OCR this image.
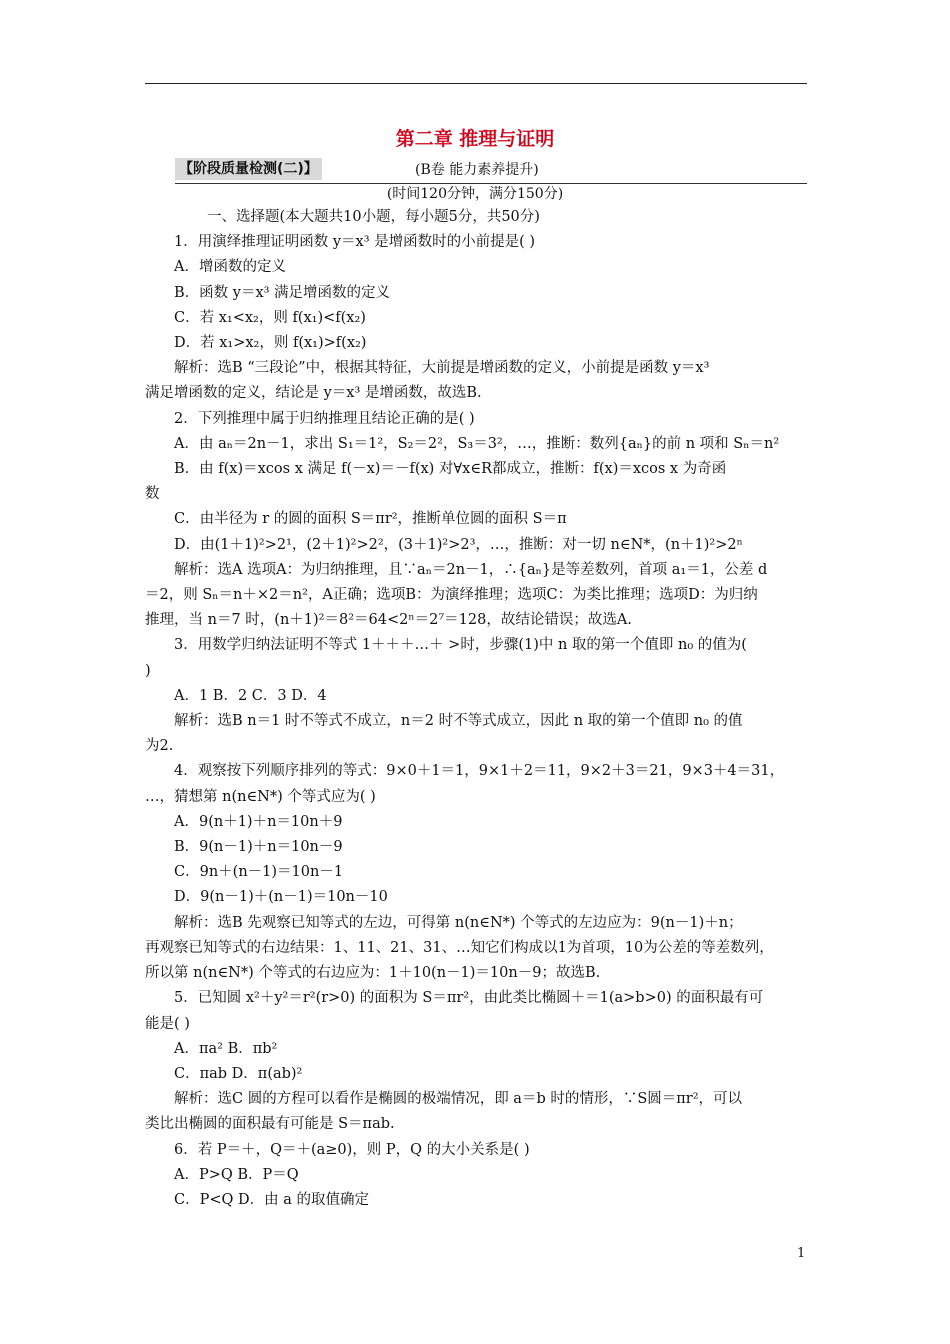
第二章 推理与证明
【阶段质量检测(二)】	(B卷 能力素养提升)
(时间120分钟，满分150分)
一、选择题(本大题共10小题，每小题5分，共50分)
1．用演绎推理证明函数 y＝x³ 是增函数时的小前提是( )
A．增函数的定义
B．函数 y＝x³ 满足增函数的定义
C．若 x₁<x₂，则 f(x₁)<f(x₂)
D．若 x₁>x₂，则 f(x₁)>f(x₂)
解析：选B “三段论”中，根据其特征，大前提是增函数的定义，小前提是函数 y＝x³
满足增函数的定义，结论是 y＝x³ 是增函数，故选B.
2．下列推理中属于归纳推理且结论正确的是( )
A．由 aₙ＝2n－1，求出 S₁＝1²，S₂＝2²，S₃＝3²，…，推断：数列{aₙ}的前 n 项和 Sₙ＝n²
B．由 f(x)＝xcos x 满足 f(－x)＝－f(x) 对∀x∈R都成立，推断：f(x)＝xcos x 为奇函
数
C．由半径为 r 的圆的面积 S＝πr²，推断单位圆的面积 S＝π
D．由(1＋1)²>2¹，(2＋1)²>2²，(3＋1)²>2³，…，推断：对一切 n∈N*，(n＋1)²>2ⁿ
解析：选A 选项A：为归纳推理，且∵aₙ＝2n－1，∴{aₙ}是等差数列，首项 a₁＝1，公差 d
＝2，则 Sₙ＝n＋×2＝n²，A正确；选项B：为演绎推理；选项C：为类比推理；选项D：为归纳
推理，当 n＝7 时，(n＋1)²＝8²＝64<2ⁿ＝2⁷＝128，故结论错误；故选A.
3．用数学归纳法证明不等式 1＋＋＋…＋ >时，步骤(1)中 n 取的第一个值即 n₀ 的值为(
)
A．1 B．2 C．3 D．4
解析：选B n＝1 时不等式不成立，n＝2 时不等式成立，因此 n 取的第一个值即 n₀ 的值
为2.
4．观察按下列顺序排列的等式：9×0＋1＝1，9×1＋2＝11，9×2＋3＝21，9×3＋4＝31，
…，猜想第 n(n∈N*) 个等式应为( )
A．9(n＋1)＋n＝10n＋9
B．9(n－1)＋n＝10n－9
C．9n＋(n－1)＝10n－1
D．9(n－1)＋(n－1)＝10n－10
解析：选B 先观察已知等式的左边，可得第 n(n∈N*) 个等式的左边应为：9(n－1)＋n；
再观察已知等式的右边结果：1、11、21、31、…知它们构成以1为首项，10为公差的等差数列，
所以第 n(n∈N*) 个等式的右边应为：1＋10(n－1)＝10n－9；故选B.
5．已知圆 x²＋y²＝r²(r>0) 的面积为 S＝πr²，由此类比椭圆＋＝1(a>b>0) 的面积最有可
能是( )
A．πa² B．πb²
C．πab D．π(ab)²
解析：选C 圆的方程可以看作是椭圆的极端情况，即 a＝b 时的情形，∵S圆＝πr²，可以
类比出椭圆的面积最有可能是 S＝πab.
6．若 P＝＋，Q＝＋(a≥0)，则 P，Q 的大小关系是( )
A．P>Q B．P＝Q
C．P<Q D．由 a 的取值确定
1
